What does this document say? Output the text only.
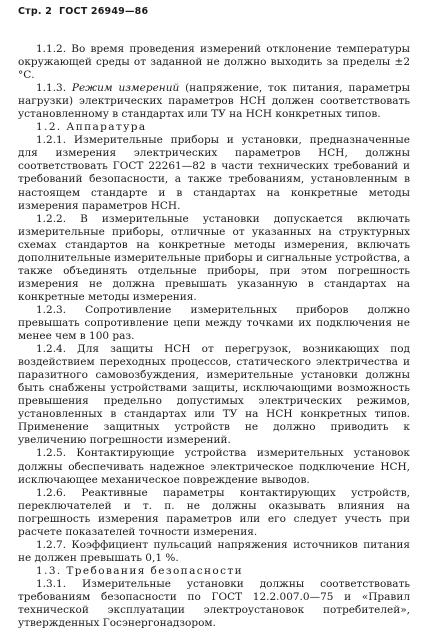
Стр. 2 ГОСТ 26949—86

1.1.2. Во время проведения измерений отклонение температуры окружающей среды от заданной не должно выходить за пределы ±2 °С.

1.1.3. Режим измерений (напряжение, ток питания, параметры нагрузки) электрических параметров НСН должен соответствовать установленному в стандартах или ТУ на НСН конкретных типов.

1.2. Аппаратура

1.2.1. Измерительные приборы и установки, предназначенные для измерения электрических параметров НСН, должны соответствовать ГОСТ 22261—82 в части технических требований и требований безопасности, а также требованиям, установленным в настоящем стандарте и в стандартах на конкретные методы измерения параметров НСН.

1.2.2. В измерительные установки допускается включать измерительные приборы, отличные от указанных на структурных схемах стандартов на конкретные методы измерения, включать дополнительные измерительные приборы и сигнальные устройства, а также объединять отдельные приборы, при этом погрешность измерения не должна превышать указанную в стандартах на конкретные методы измерения.

1.2.3. Сопротивление измерительных приборов должно превышать сопротивление цепи между точками их подключения не менее чем в 100 раз.

1.2.4. Для защиты НСН от перегрузок, возникающих под воздействием переходных процессов, статического электричества и паразитного самовозбуждения, измерительные установки должны быть снабжены устройствами защиты, исключающими возможность превышения предельно допустимых электрических режимов, установленных в стандартах или ТУ на НСН конкретных типов. Применение защитных устройств не должно приводить к увеличению погрешности измерений.

1.2.5. Контактирующие устройства измерительных установок должны обеспечивать надежное электрическое подключение НСН, исключающее механическое повреждение выводов.

1.2.6. Реактивные параметры контактирующих устройств, переключателей и т. п. не должны оказывать влияния на погрешность измерения параметров или его следует учесть при расчете показателей точности измерения.

1.2.7. Коэффициент пульсаций напряжения источников питания не должен превышать 0,1 %.

1.3. Требования безопасности

1.3.1. Измерительные установки должны соответствовать требованиям безопасности по ГОСТ 12.2.007.0—75 и «Правил технической эксплуатации электроустановок потребителей», утвержденных Госэнергонадзором.
